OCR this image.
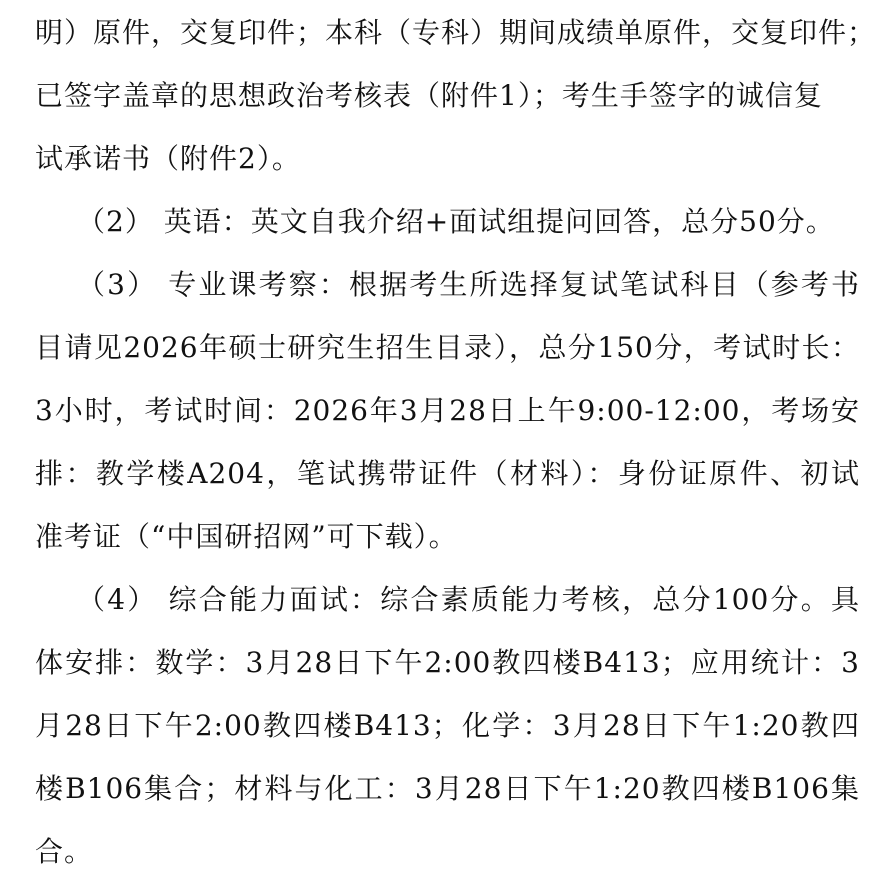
明）原件，交复印件；本科（专科）期间成绩单原件，交复印件；
已签字盖章的思想政治考核表（附件1）；考生手签字的诚信复
试承诺书（附件2）。
（2） 英语：英文自我介绍+面试组提问回答，总分50分。
（3） 专业课考察：根据考生所选择复试笔试科目（参考书
目请见2026年硕士研究生招生目录），总分150分，考试时长：
3小时，考试时间：2026年3月28日上午9:00-12:00，考场安
排：教学楼A204，笔试携带证件（材料）：身份证原件、初试
准考证（“中国研招网”可下载）。
（4） 综合能力面试：综合素质能力考核，总分100分。具
体安排：数学：3月28日下午2:00教四楼B413；应用统计：3
月28日下午2:00教四楼B413；化学：3月28日下午1:20教四
楼B106集合；材料与化工：3月28日下午1:20教四楼B106集
合。
